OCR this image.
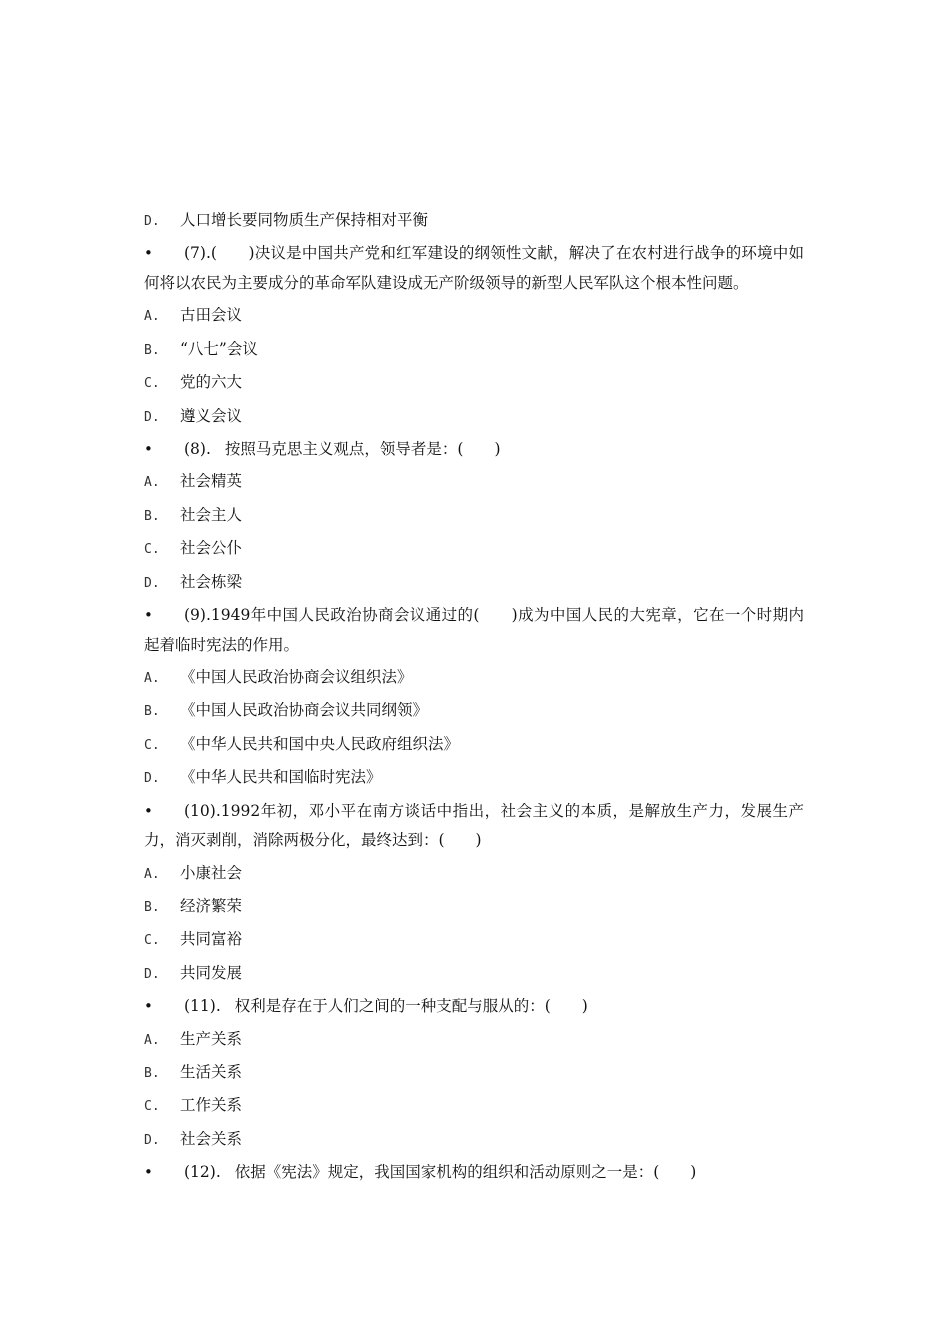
D. 人口增长要同物质生产保持相对平衡
•	(7).(　　)决议是中国共产党和红军建设的纲领性文献，解决了在农村进行战争的环境中如何将以农民为主要成分的革命军队建设成无产阶级领导的新型人民军队这个根本性问题。
A. 古田会议
B. “八七”会议
C. 党的六大
D. 遵义会议
•	(8). 按照马克思主义观点，领导者是：(　　)
A. 社会精英
B. 社会主人
C. 社会公仆
D. 社会栋梁
•	(9).1949年中国人民政治协商会议通过的(　　)成为中国人民的大宪章，它在一个时期内起着临时宪法的作用。
A. 《中国人民政治协商会议组织法》
B. 《中国人民政治协商会议共同纲领》
C. 《中华人民共和国中央人民政府组织法》
D. 《中华人民共和国临时宪法》
•	(10).1992年初，邓小平在南方谈话中指出，社会主义的本质，是解放生产力，发展生产力，消灭剥削，消除两极分化，最终达到：(　　)
A. 小康社会
B. 经济繁荣
C. 共同富裕
D. 共同发展
•	(11). 权利是存在于人们之间的一种支配与服从的：(　　)
A. 生产关系
B. 生活关系
C. 工作关系
D. 社会关系
•	(12). 依据《宪法》规定，我国国家机构的组织和活动原则之一是：(　　)
